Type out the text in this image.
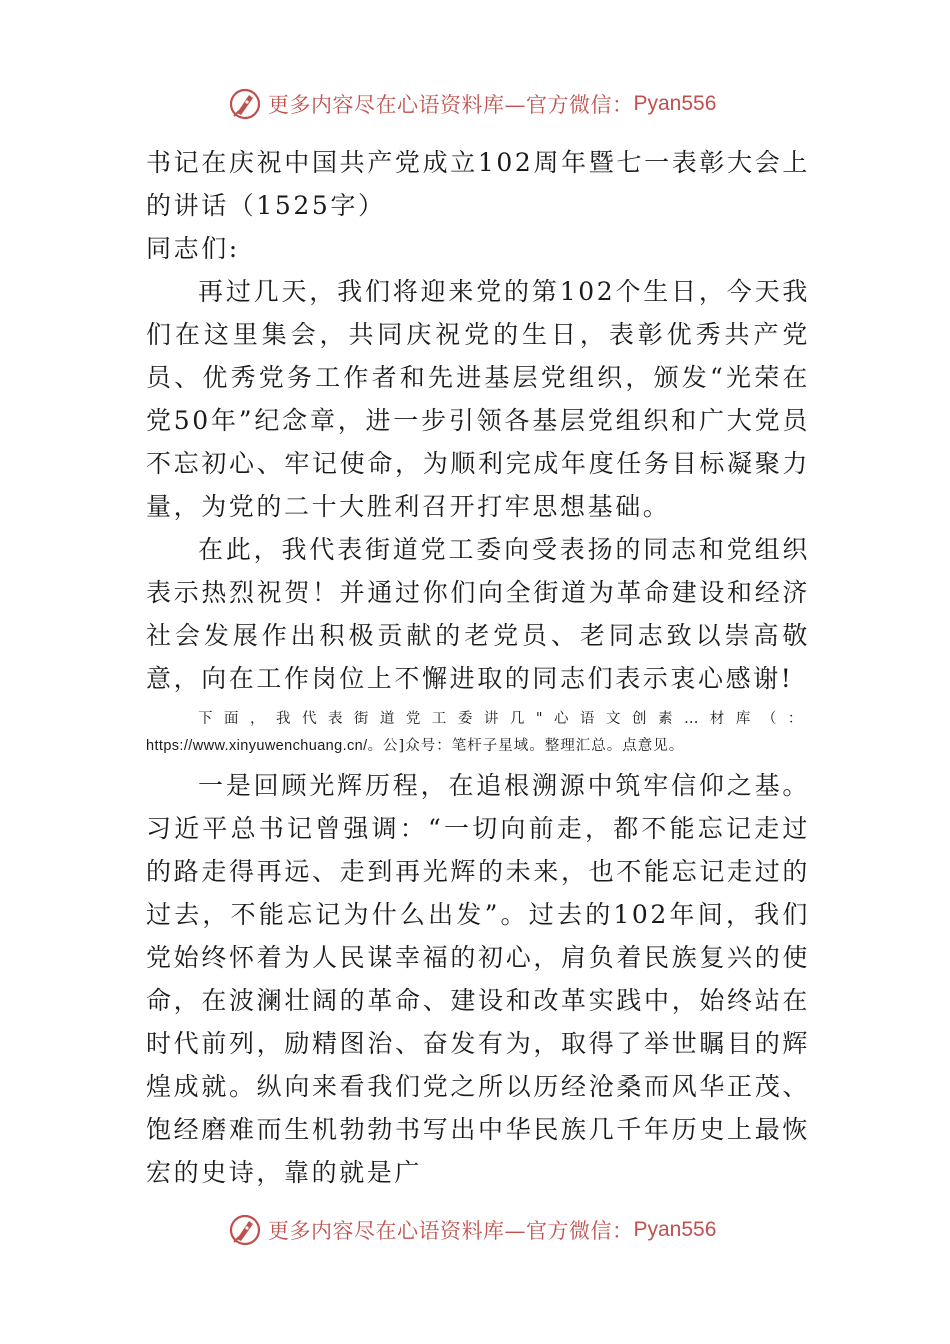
更多内容尽在心语资料库—官方微信： Pyan556

书记在庆祝中国共产党成立102周年暨七一表彰大会上的讲话（1525字）

同志们:

再过几天，我们将迎来党的第102个生日，今天我们在这里集会，共同庆祝党的生日，表彰优秀共产党员、优秀党务工作者和先进基层党组织，颁发“光荣在党50年”纪念章，进一步引领各基层党组织和广大党员不忘初心、牢记使命，为顺利完成年度任务目标凝聚力量，为党的二十大胜利召开打牢思想基础。

在此，我代表街道党工委向受表扬的同志和党组织表示热烈祝贺！并通过你们向全街道为革命建设和经济社会发展作出积极贡献的老党员、老同志致以崇高敬意，向在工作岗位上不懈进取的同志们表示衷心感谢!

下面，我代表街道党工委讲几"心语文创素…材库（：https://www.xinyuwenchuang.cn/。公]众号：笔杆子星域。整理汇总。点意见。

一是回顾光辉历程，在追根溯源中筑牢信仰之基。习近平总书记曾强调：“一切向前走，都不能忘记走过的路走得再远、走到再光辉的未来，也不能忘记走过的过去，不能忘记为什么出发”。过去的102年间，我们党始终怀着为人民谋幸福的初心，肩负着民族复兴的使命，在波澜壮阔的革命、建设和改革实践中，始终站在时代前列，励精图治、奋发有为，取得了举世瞩目的辉煌成就。纵向来看我们党之所以历经沧桑而风华正茂、饱经磨难而生机勃勃书写出中华民族几千年历史上最恢宏的史诗，靠的就是广

更多内容尽在心语资料库—官方微信： Pyan556
